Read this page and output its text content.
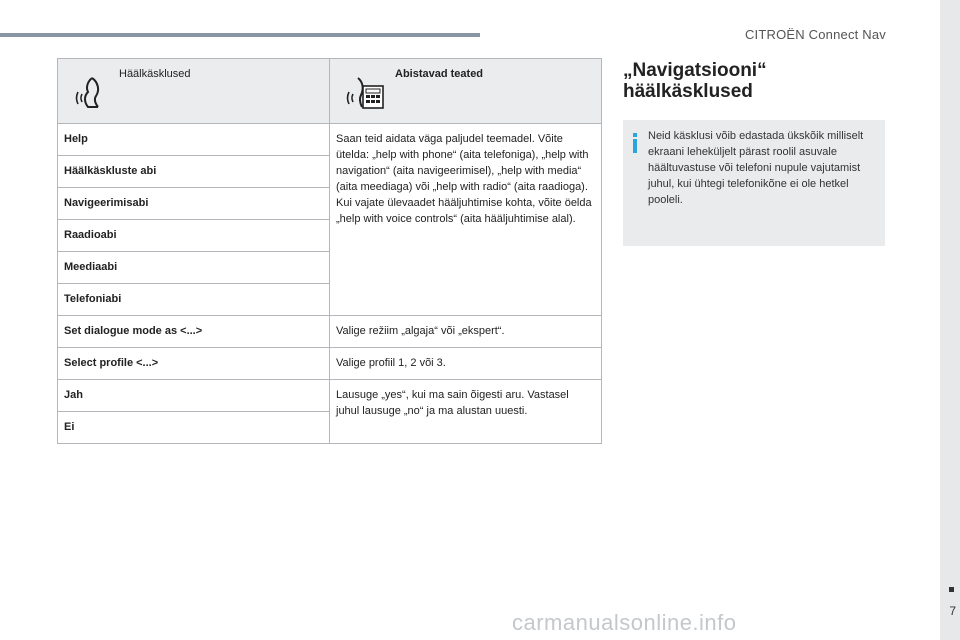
CITROËN Connect Nav
7
Häälkäsklused	Abistavad teated

Help	Saan teid aidata väga paljudel teemadel. Võite ütelda: „help with phone“ (aita telefoniga), „help with navigation“ (aita navigeerimisel), „help with media“ (aita meediaga) või „help with radio“ (aita raadioga). Kui vajate ülevaadet hääljuhtimise kohta, võite öelda „help with voice controls“ (aita hääljuhtimise alal).
Häälkäskluste abi	
Navigeerimisabi	
Raadioabi	
Meediaabi	
Telefoniabi	
Set dialogue mode as <...>	Valige režiim „algaja“ või „ekspert“.
Select profile <...>	Valige profiil 1, 2 või 3.
Jah	Lausuge „yes“, kui ma sain õigesti aru. Vastasel juhul lausuge „no“ ja ma alustan uuesti.
Ei	
„Navigatsiooni“
häälkäsklused
Neid käsklusi võib edastada ükskõik milliselt ekraani leheküljelt pärast roolil asuvale häältuvastuse või telefoni nupule vajutamist juhul, kui ühtegi telefonikõne ei ole hetkel pooleli.
carmanualsonline.info
